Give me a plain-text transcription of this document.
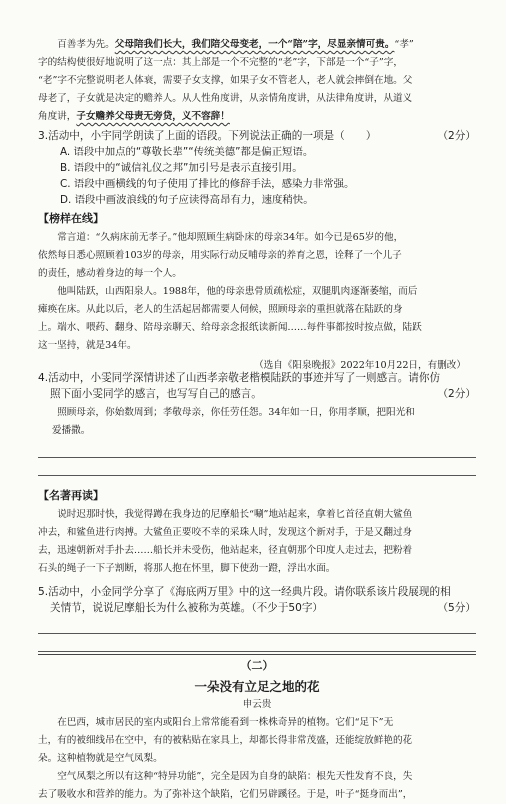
百善孝为先。父母陪我们长大，我们陪父母变老，一个“陪”字，尽显亲情可贵。“孝”

字的结构使很好地说明了这一点：其上部是一个不完整的“老”字，下部是一个“子”字，

“老”字不完整说明老人体衰，需要子女支撑，如果子女不管老人，老人就会摔倒在地。父

母老了，子女就是决定的赡养人。从人性角度讲，从亲情角度讲，从法律角度讲，从道义

角度讲，子女赡养父母责无旁贷，义不容辞！

3.活动中，小宇同学朗读了上面的语段。下列说法正确的一项是（　　）	（2分）

A. 语段中加点的“尊敬长辈”“传统美德”都是偏正短语。

B. 语段中的“诚信礼仪之邦”加引号是表示直接引用。

C. 语段中画横线的句子使用了排比的修辞手法，感染力非常强。

D. 语段中画波浪线的句子应读得高昂有力，速度稍快。

【榜样在线】

常言道：“久病床前无孝子。”他却照顾生病卧床的母亲34年。如今已是65岁的他，

依然每日悉心照顾着103岁的母亲，用实际行动反哺母亲的养育之恩，诠释了一个儿子

的责任，感动着身边的每一个人。

他叫陆跃，山西阳泉人。1988年，他的母亲患骨质疏松症，双腿肌肉逐渐萎缩，而后

瘫痪在床。从此以后，老人的生活起居都需要人伺候，照顾母亲的重担就落在陆跃的身

上。端水、喂药、翻身、陪母亲聊天、给母亲念报纸读新闻……每件事都按时按点做，陆跃

这一坚持，就是34年。

（选自《阳泉晚报》2022年10月22日，有删改）

4.活动中，小雯同学深情讲述了山西孝亲敬老楷模陆跃的事迹并写了一则感言。请你仿

照下面小雯同学的感言，也写写自己的感言。	（2分）

照顾母亲，你始数周到；孝敬母亲，你任劳任怨。34年如一日，你用孝顺，把阳光和

爱播撒。

【名著再读】

说时迟那时快，我觉得蹲在我身边的尼摩船长“唰”地站起来，拿着匕首径直朝大鲨鱼

冲去，和鲨鱼进行肉搏。大鲨鱼正要咬不幸的采珠人时，发现这个新对手，于是又翻过身

去，迅速朝新对手扑去……船长并未受伤，他站起来，径直朝那个印度人走过去，把粉着

石头的绳子一下子割断，将那人抱在怀里，脚下使劲一蹬，浮出水面。

5.活动中，小金同学分享了《海底两万里》中的这一经典片段。请你联系该片段展现的相

关情节，说说尼摩船长为什么被称为英雄。（不少于50字）	（5分）
（二）
一朵没有立足之地的花
申云贵

在巴西，城市居民的室内或阳台上常常能看到一株株奇异的植物。它们“足下”无

土，有的被细线吊在空中，有的被粘贴在家具上，却都长得非常茂盛，还能绽放鲜艳的花

朵。这种植物就是空气凤梨。

空气凤梨之所以有这种“特异功能”，完全是因为自身的缺陷：根先天性发育不良，失

去了吸收水和营养的能力。为了弥补这个缺陷，它们另辟蹊径。于是，叶子“挺身而出”，
